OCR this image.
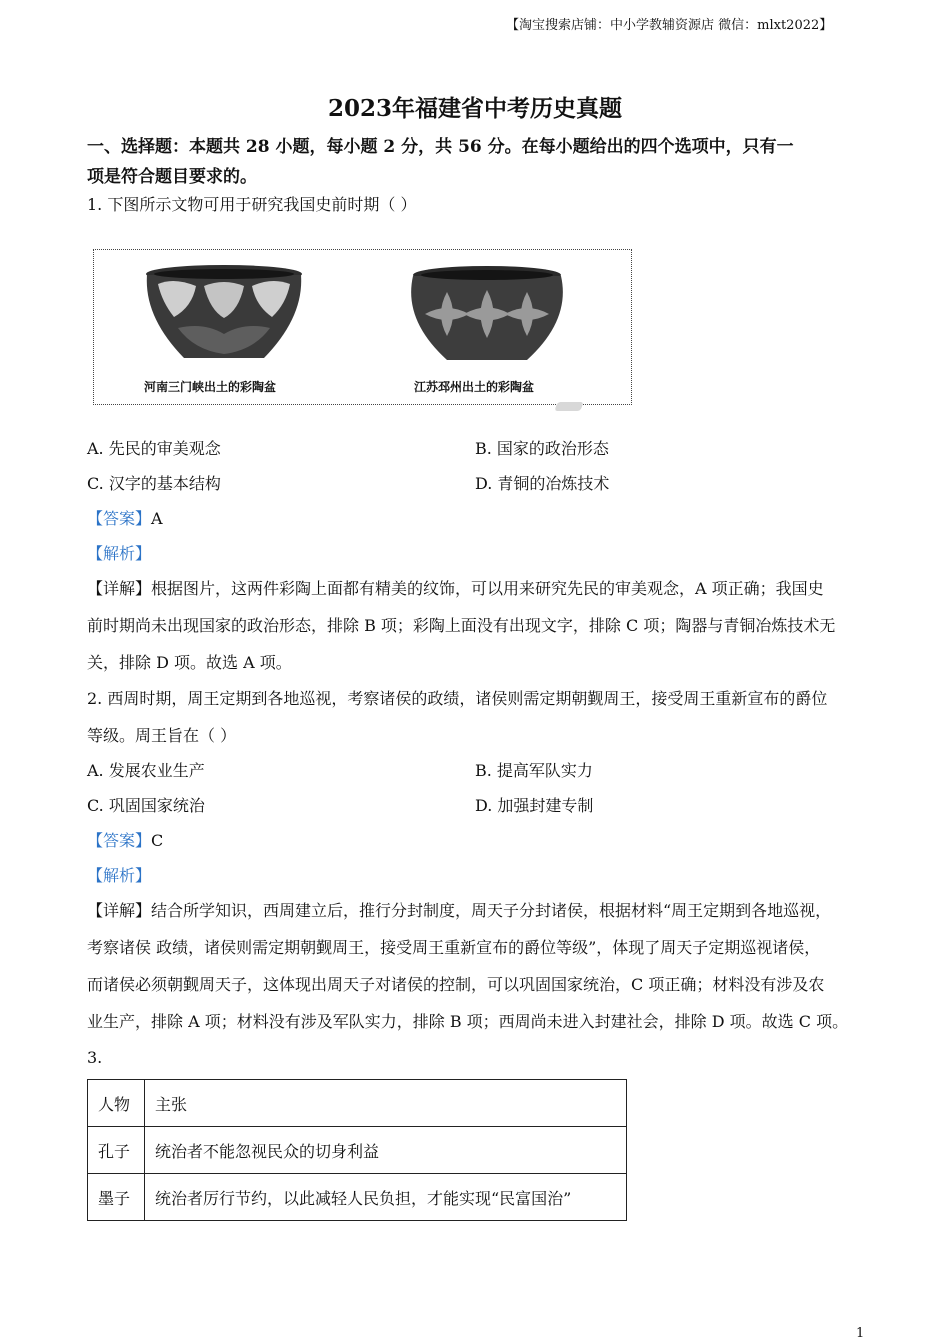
【淘宝搜索店铺：中小学教辅资源店 微信：mlxt2022】
2023年福建省中考历史真题
一、选择题：本题共 28 小题，每小题 2 分，共 56 分。在每小题给出的四个选项中，只有一
项是符合题目要求的。
1. 下图所示文物可用于研究我国史前时期（ ）
河南三门峡出土的彩陶盆	江苏邳州出土的彩陶盆
A. 先民的审美观念	B. 国家的政治形态
C. 汉字的基本结构	D. 青铜的冶炼技术
【答案】A
【解析】
【详解】根据图片，这两件彩陶上面都有精美的纹饰，可以用来研究先民的审美观念，A 项正确；我国史
前时期尚未出现国家的政治形态，排除 B 项；彩陶上面没有出现文字，排除 C 项；陶器与青铜冶炼技术无
关，排除 D 项。故选 A 项。
2. 西周时期，周王定期到各地巡视，考察诸侯的政绩，诸侯则需定期朝觐周王，接受周王重新宣布的爵位
等级。周王旨在（ ）
A. 发展农业生产	B. 提高军队实力
C. 巩固国家统治	D. 加强封建专制
【答案】C
【解析】
【详解】结合所学知识，西周建立后，推行分封制度，周天子分封诸侯，根据材料“周王定期到各地巡视，
考察诸侯 政绩，诸侯则需定期朝觐周王，接受周王重新宣布的爵位等级”，体现了周天子定期巡视诸侯，
而诸侯必须朝觐周天子，这体现出周天子对诸侯的控制，可以巩固国家统治，C 项正确；材料没有涉及农
业生产，排除 A 项；材料没有涉及军队实力，排除 B 项；西周尚未进入封建社会，排除 D 项。故选 C 项。
3.
人物	主张
孔子	统治者不能忽视民众的切身利益
墨子	统治者厉行节约，以此减轻人民负担，才能实现“民富国治”
1
